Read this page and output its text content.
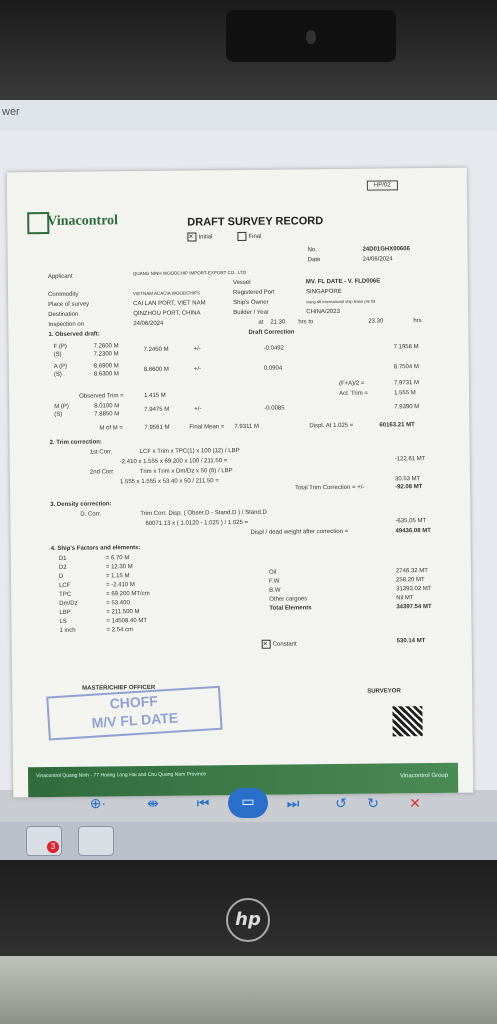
wer
Vinacontrol	DRAFT SURVEY RECORD
✕ Initial	Final
HP/02
No.	24D01GHX00606
Date	24/06/2024
Applicant
QUANG NINH WOODCHIP IMPORT-EXPORT CO., LTD
Vessel	MV. FL DATE - V. FLD006E
Commodity	VIETNAM ACACIA WOODCHIPS	Registered Port	SINGAPORE
Place of survey	CAI LAN PORT, VIET NAM	Ship's Owner	xiang d8 international ship lease pte ltd
Destination	QINZHOU PORT, CHINA	Builder / Year	CHINA/2023
Inspection on	24/06/2024	at 21.30 hrs to	23.30	hrs
1. Observed draft:	Draft Correction
F (P)	7.2600 M
(S)	7.2300 M
7.2450 M	+/-	-0.0492	7.1958 M
A (P)	8.6900 M
(S)	8.6300 M
8.6600 M	+/-	0.0904	8.7504 M
(F+A)/2 =	7.9731 M
Observed Trim =	1.415 M	Act. Trim =	1.555 M
M (P)	8.0100 M
(S)	7.8850 M
7.9475 M	+/-	-0.0085	7.9390 M
M of M =	7.9561 M	Final Mean = 7.9311 M	Displ. At 1.025 =	60163.21 MT
2. Trim correction:
1st Corr.	LCF x Trim x TPC(1) x 100 (12) / LBP
-2.410 x 1.555 x 69.200 x 100 / 211.50 =	-122.61 MT
2nd Corr.	Trim x Trim x Dm/Dz x 50 (6) / LBP
1.555 x 1.555 x 53.40 x 50 / 211.50 =	30.53 MT
Total Trim Correction = +/-	-92.08 MT
3. Density correction:
D. Corr.	Trim Corr. Disp. ( Obser.D - Stand.D ) / Stand.D
60071.13 x ( 1.0120 - 1.025 ) / 1.025 =	-635.05 MT
Displ / dead weight after correction =	49436.08 MT
4. Ship's Factors and elements:
✕ Constant
530.14 MT
MASTER/CHIEF OFFICER
CHOFF
M/V FL DATE
SURVEYOR
Vinacontrol Quang Ninh - 77 Hoang Long Hai and Chu Quang Nam Province	Vinacontrol Group
D1	= 6.70 M
D2	= 12.30 M
D	= 1.15 M
LCF	= -2.410 M
TPC	= 69.200 MT/cm
Dm/Dz	= 53.400
LBP	= 211.500 M
LS	= 14508.40 MT
1 inch	= 2.54 cm
Oil	2746.32 MT
F.W	258.20 MT
B.W	31393.02 MT
Other cargoes	Nil MT
Total Elements	34397.54 MT
⊕·	⇼	⏮	▭	⏭	↺	↻	✕
3
hp
